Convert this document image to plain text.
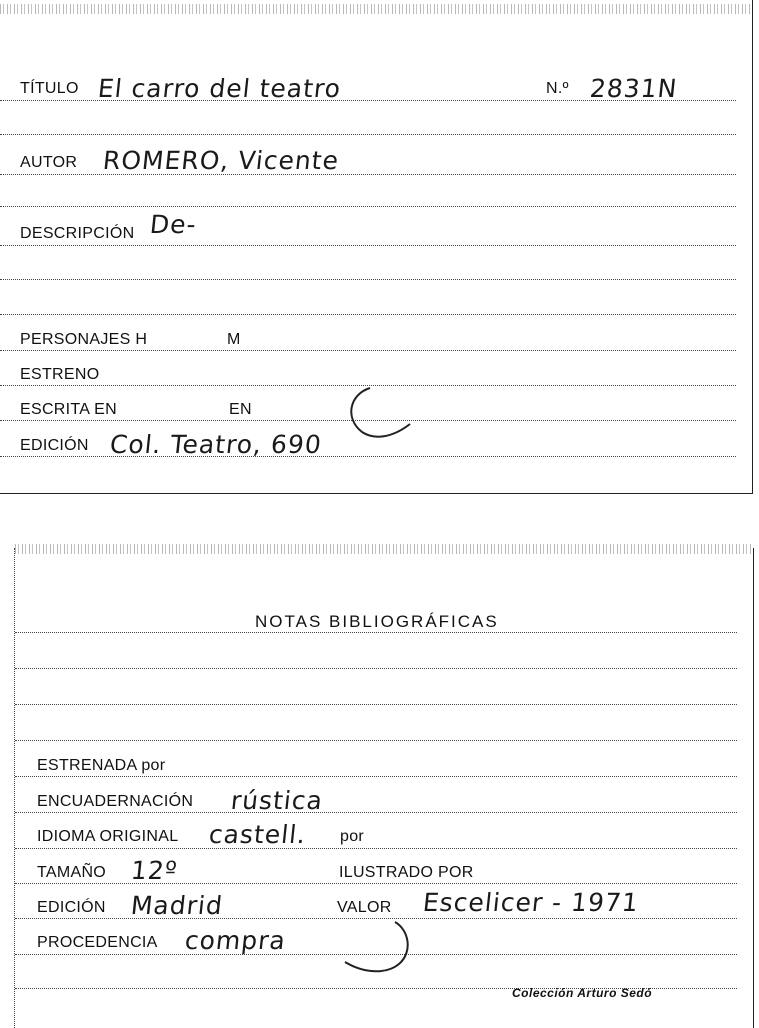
TÍTULO El carro del teatro	N.º 2831N
AUTOR ROMERO, Vicente
DESCRIPCIÓN De-
PERSONAJES H	M
ESTRENO
ESCRITA EN	EN
EDICIÓN Col. Teatro, 690
NOTAS BIBLIOGRÁFICAS
ESTRENADA por
ENCUADERNACIÓN rústica
IDIOMA ORIGINAL castell. por
TAMAÑO 12º	ILUSTRADO POR
EDICIÓN Madrid	VALOR Escelicer - 1971
PROCEDENCIA compra
Colección Arturo Sedó
